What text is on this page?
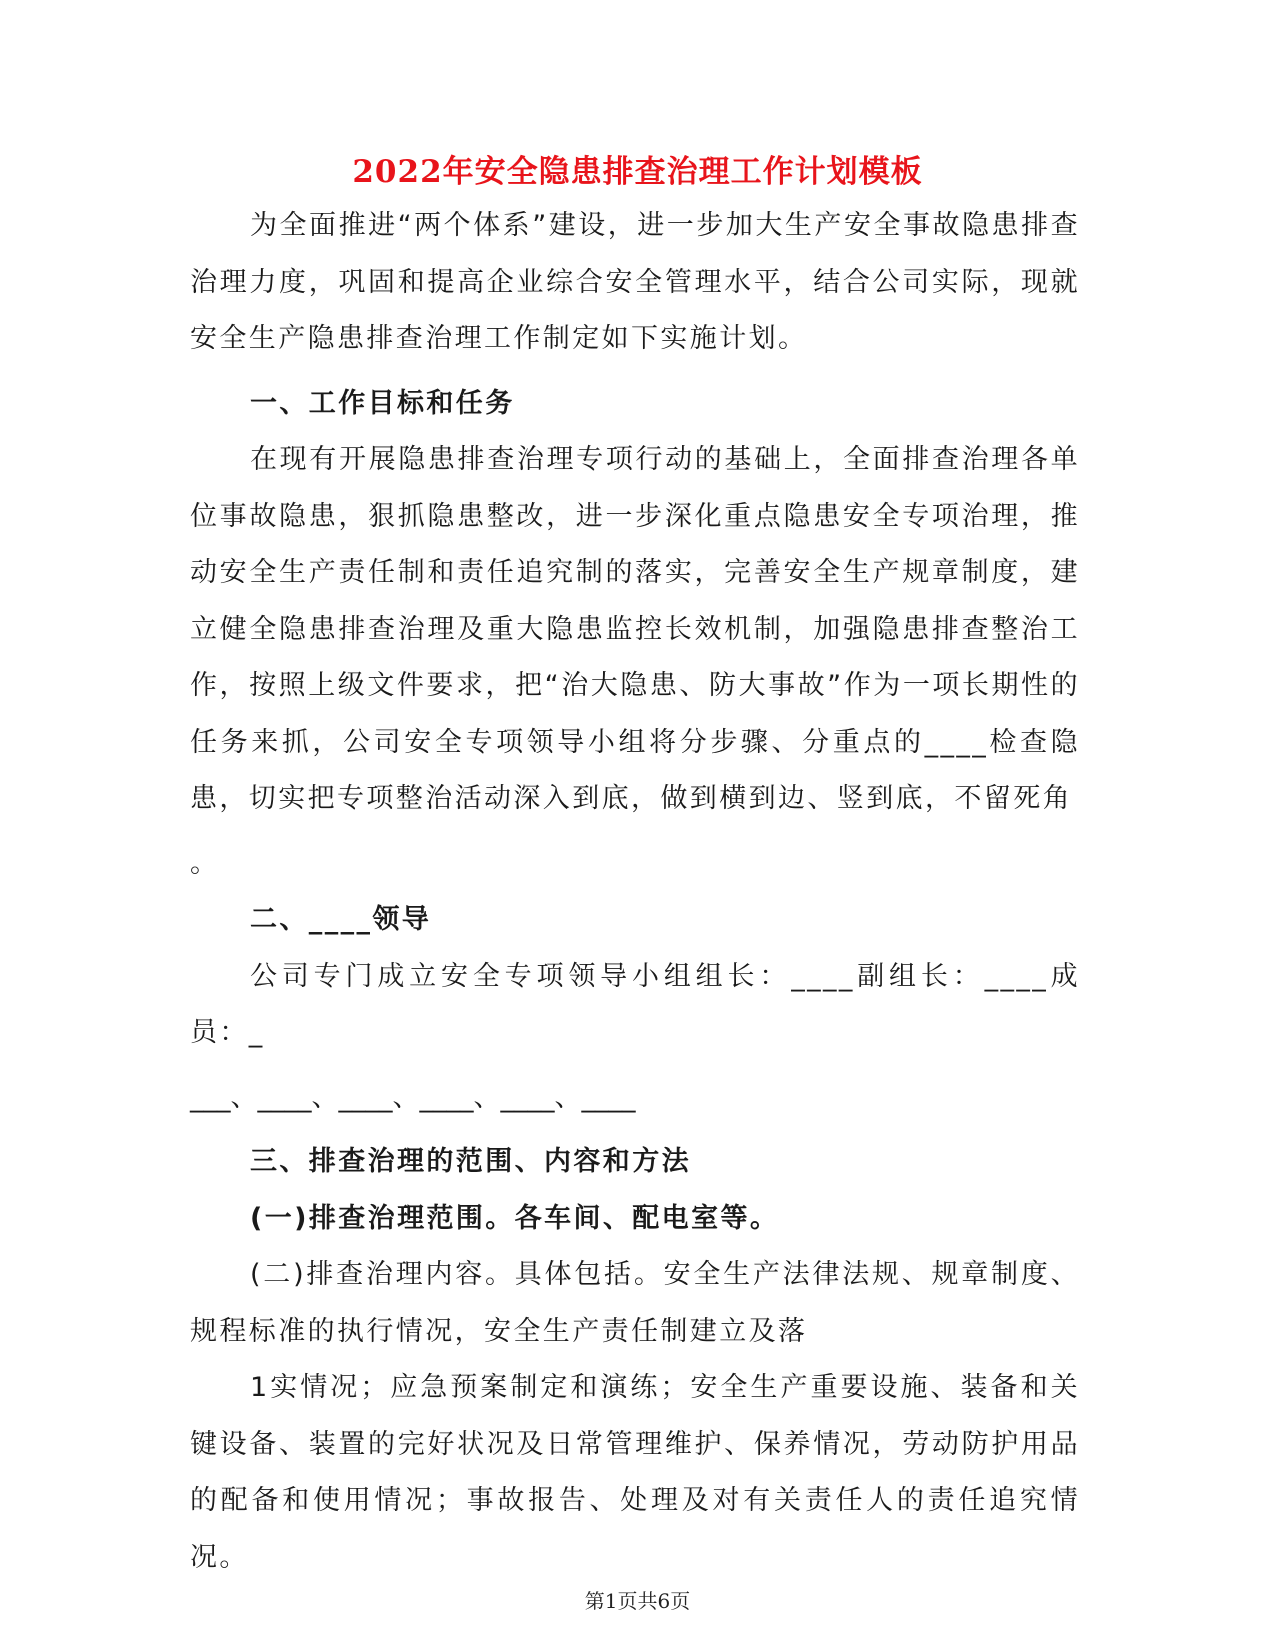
2022年安全隐患排查治理工作计划模板

为全面推进“两个体系”建设，进一步加大生产安全事故隐患排查治理力度，巩固和提高企业综合安全管理水平，结合公司实际，现就安全生产隐患排查治理工作制定如下实施计划。

一、工作目标和任务

在现有开展隐患排查治理专项行动的基础上，全面排查治理各单位事故隐患，狠抓隐患整改，进一步深化重点隐患安全专项治理，推动安全生产责任制和责任追究制的落实，完善安全生产规章制度，建立健全隐患排查治理及重大隐患监控长效机制，加强隐患排查整治工作，按照上级文件要求，把“治大隐患、防大事故”作为一项长期性的任务来抓，公司安全专项领导小组将分步骤、分重点的____检查隐患，切实把专项整治活动深入到底，做到横到边、竖到底，不留死角

。

二、____领导

公司专门成立安全专项领导小组组长：____副组长：____成员：_

___、____、____、____、____、____

三、排查治理的范围、内容和方法

(一)排查治理范围。各车间、配电室等。

(二)排查治理内容。具体包括。安全生产法律法规、规章制度、规程标准的执行情况，安全生产责任制建立及落

1实情况；应急预案制定和演练；安全生产重要设施、装备和关键设备、装置的完好状况及日常管理维护、保养情况，劳动防护用品的配备和使用情况；事故报告、处理及对有关责任人的责任追究情况。

第1页共6页
